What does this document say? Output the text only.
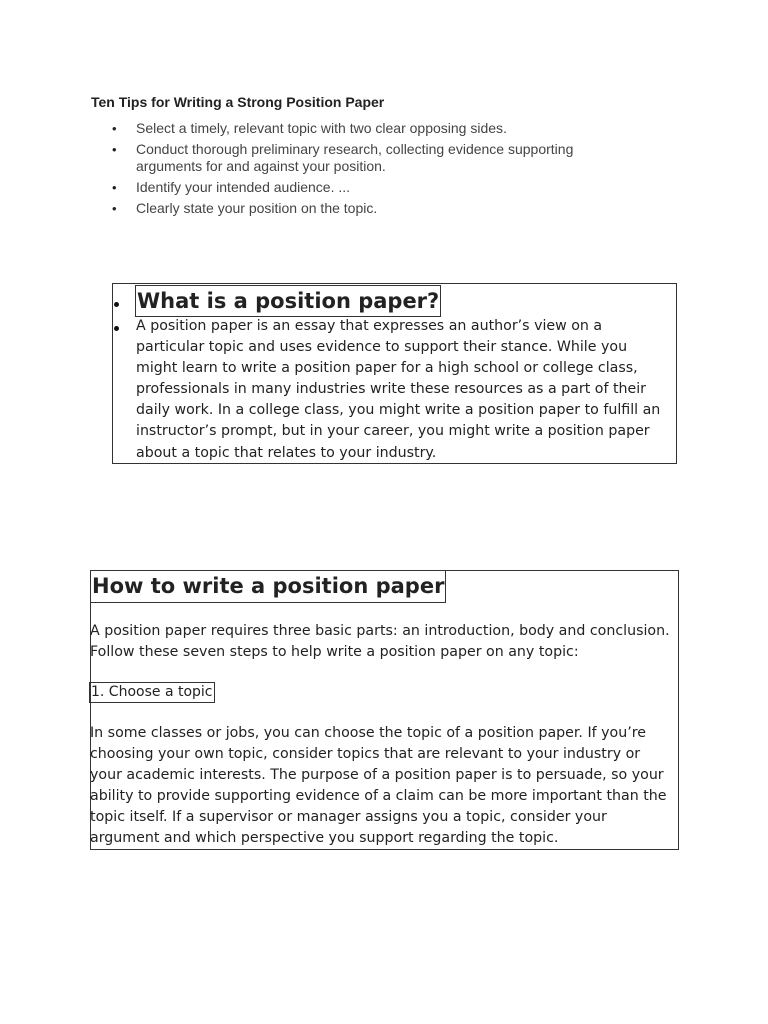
Ten Tips for Writing a Strong Position Paper
• Select a timely, relevant topic with two clear opposing sides.
• Conduct thorough preliminary research, collecting evidence supporting arguments for and against your position.
• Identify your intended audience. ...
• Clearly state your position on the topic.
What is a position paper?

A position paper is an essay that expresses an author’s view on a particular topic and uses evidence to support their stance. While you might learn to write a position paper for a high school or college class, professionals in many industries write these resources as a part of their daily work. In a college class, you might write a position paper to fulfill an instructor’s prompt, but in your career, you might write a position paper about a topic that relates to your industry.

How to write a position paper

A position paper requires three basic parts: an introduction, body and conclusion. Follow these seven steps to help write a position paper on any topic:

1. Choose a topic

In some classes or jobs, you can choose the topic of a position paper. If you’re choosing your own topic, consider topics that are relevant to your industry or your academic interests. The purpose of a position paper is to persuade, so your ability to provide supporting evidence of a claim can be more important than the topic itself. If a supervisor or manager assigns you a topic, consider your argument and which perspective you support regarding the topic.
